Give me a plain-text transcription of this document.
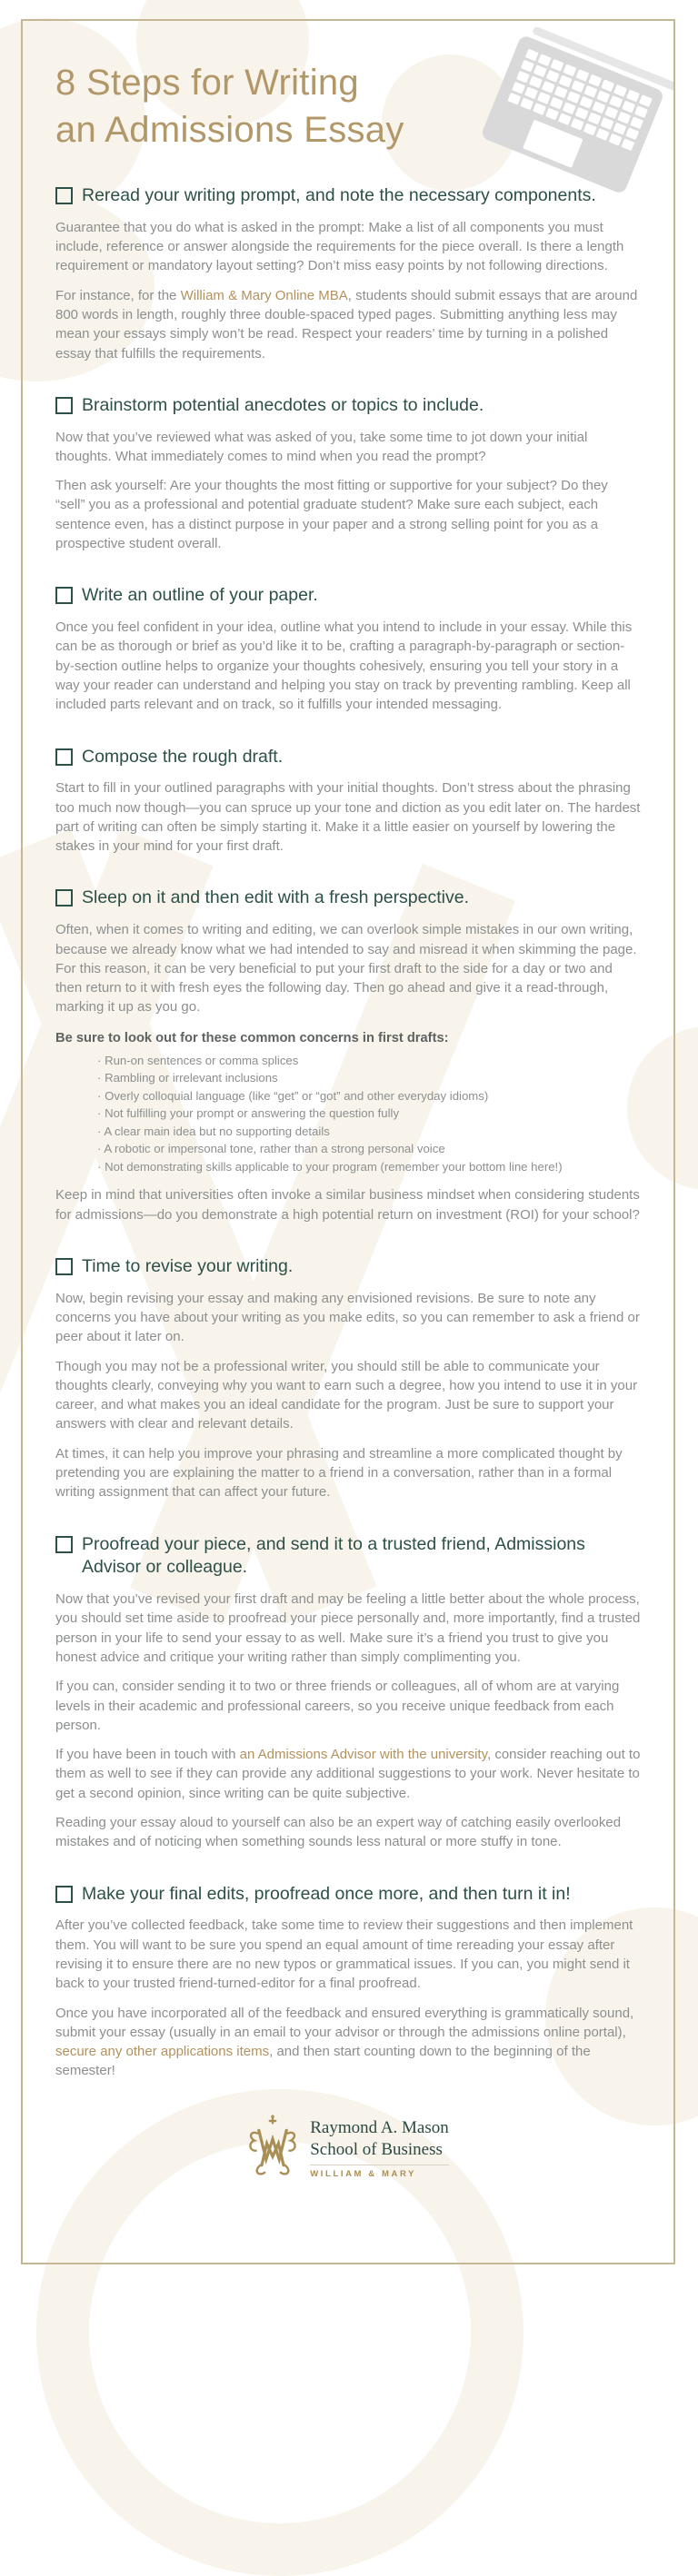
8 Steps for Writing
an Admissions Essay
Reread your writing prompt, and note the necessary components.

Guarantee that you do what is asked in the prompt: Make a list of all components you must include, reference or answer alongside the requirements for the piece overall. Is there a length requirement or mandatory layout setting? Don’t miss easy points by not following directions.

For instance, for the William & Mary Online MBA, students should submit essays that are around 800 words in length, roughly three double-spaced typed pages. Submitting anything less may mean your essays simply won’t be read. Respect your readers’ time by turning in a polished essay that fulfills the requirements.

Brainstorm potential anecdotes or topics to include.

Now that you’ve reviewed what was asked of you, take some time to jot down your initial thoughts. What immediately comes to mind when you read the prompt?

Then ask yourself: Are your thoughts the most fitting or supportive for your subject? Do they “sell” you as a professional and potential graduate student? Make sure each subject, each sentence even, has a distinct purpose in your paper and a strong selling point for you as a prospective student overall.

Write an outline of your paper.

Once you feel confident in your idea, outline what you intend to include in your essay. While this can be as thorough or brief as you’d like it to be, crafting a paragraph-by-paragraph or section-by-section outline helps to organize your thoughts cohesively, ensuring you tell your story in a way your reader can understand and helping you stay on track by preventing rambling. Keep all included parts relevant and on track, so it fulfills your intended messaging.

Compose the rough draft.

Start to fill in your outlined paragraphs with your initial thoughts. Don’t stress about the phrasing too much now though—you can spruce up your tone and diction as you edit later on. The hardest part of writing can often be simply starting it. Make it a little easier on yourself by lowering the stakes in your mind for your first draft.

Sleep on it and then edit with a fresh perspective.

Often, when it comes to writing and editing, we can overlook simple mistakes in our own writing, because we already know what we had intended to say and misread it when skimming the page. For this reason, it can be very beneficial to put your first draft to the side for a day or two and then return to it with fresh eyes the following day. Then go ahead and give it a read-through, marking it up as you go.

Be sure to look out for these common concerns in first drafts:

· Run-on sentences or comma splices
· Rambling or irrelevant inclusions
· Overly colloquial language (like “get” or “got” and other everyday idioms)
· Not fulfilling your prompt or answering the question fully
· A clear main idea but no supporting details
· A robotic or impersonal tone, rather than a strong personal voice
· Not demonstrating skills applicable to your program (remember your bottom line here!)

Keep in mind that universities often invoke a similar business mindset when considering students for admissions—do you demonstrate a high potential return on investment (ROI) for your school?

Time to revise your writing.

Now, begin revising your essay and making any envisioned revisions. Be sure to note any concerns you have about your writing as you make edits, so you can remember to ask a friend or peer about it later on.

Though you may not be a professional writer, you should still be able to communicate your thoughts clearly, conveying why you want to earn such a degree, how you intend to use it in your career, and what makes you an ideal candidate for the program. Just be sure to support your answers with clear and relevant details.

At times, it can help you improve your phrasing and streamline a more complicated thought by pretending you are explaining the matter to a friend in a conversation, rather than in a formal writing assignment that can affect your future.

Proofread your piece, and send it to a trusted friend, Admissions Advisor or colleague.

Now that you’ve revised your first draft and may be feeling a little better about the whole process, you should set time aside to proofread your piece personally and, more importantly, find a trusted person in your life to send your essay to as well. Make sure it’s a friend you trust to give you honest advice and critique your writing rather than simply complimenting you.

If you can, consider sending it to two or three friends or colleagues, all of whom are at varying levels in their academic and professional careers, so you receive unique feedback from each person.

If you have been in touch with an Admissions Advisor with the university, consider reaching out to them as well to see if they can provide any additional suggestions to your work. Never hesitate to get a second opinion, since writing can be quite subjective.

Reading your essay aloud to yourself can also be an expert way of catching easily overlooked mistakes and of noticing when something sounds less natural or more stuffy in tone.

Make your final edits, proofread once more, and then turn it in!

After you’ve collected feedback, take some time to review their suggestions and then implement them. You will want to be sure you spend an equal amount of time rereading your essay after revising it to ensure there are no new typos or grammatical issues. If you can, you might send it back to your trusted friend-turned-editor for a final proofread.

Once you have incorporated all of the feedback and ensured everything is grammatically sound, submit your essay (usually in an email to your advisor or through the admissions online portal), secure any other applications items, and then start counting down to the beginning of the semester!

Raymond A. Mason
School of Business
WILLIAM & MARY
